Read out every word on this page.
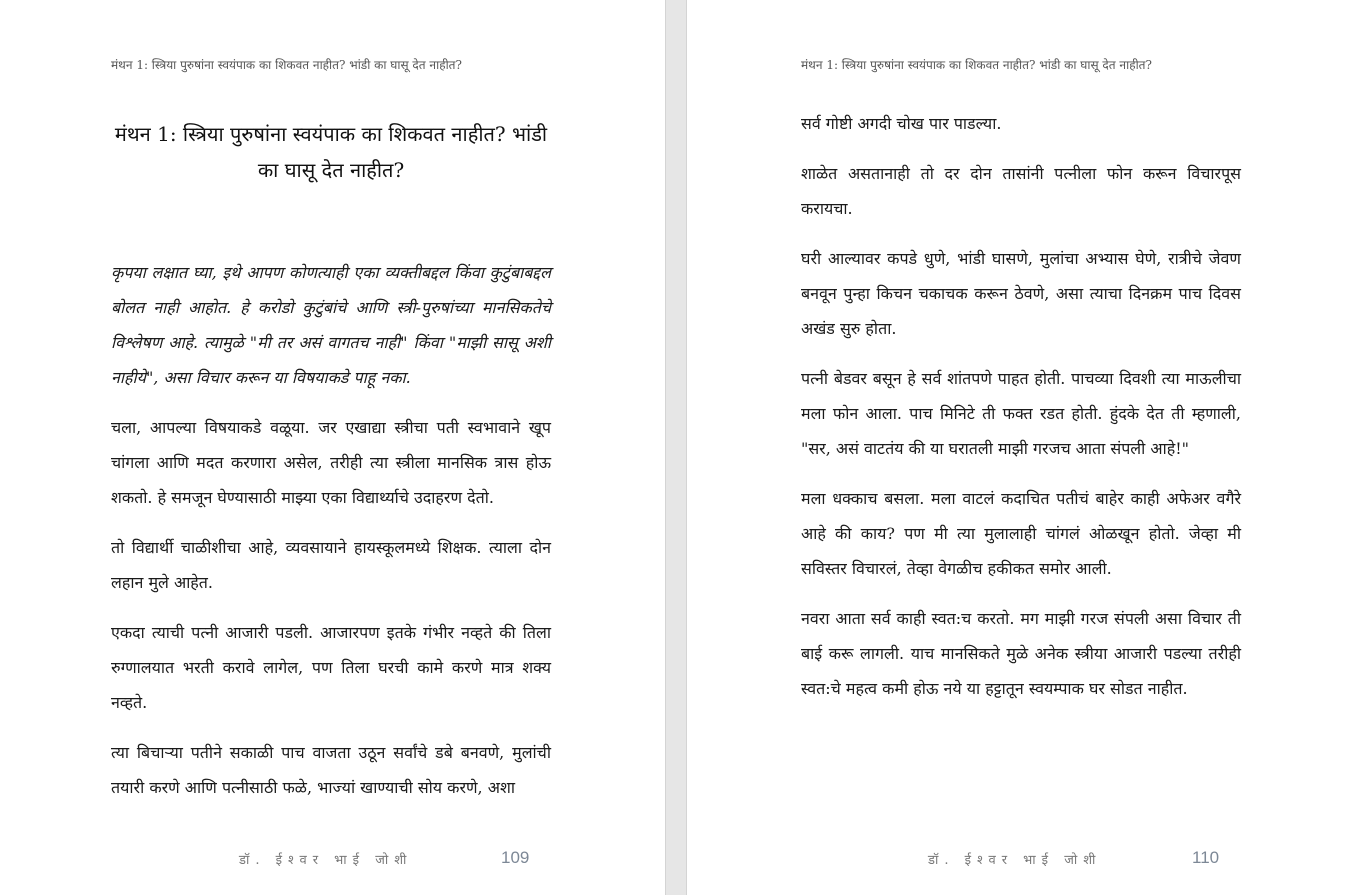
मंथन 1: स्त्रिया पुरुषांना स्वयंपाक का शिकवत नाहीत? भांडी का घासू देत नाहीत?
मंथन 1: स्त्रिया पुरुषांना स्वयंपाक का शिकवत नाहीत? भांडी का घासू देत नाहीत?

कृपया लक्षात घ्या, इथे आपण कोणत्याही एका व्यक्तीबद्दल किंवा कुटुंबाबद्दल बोलत नाही आहोत. हे करोडो कुटुंबांचे आणि स्त्री-पुरुषांच्या मानसिकतेचे विश्लेषण आहे. त्यामुळे "मी तर असं वागतच नाही" किंवा "माझी सासू अशी नाहीये", असा विचार करून या विषयाकडे पाहू नका.

चला, आपल्या विषयाकडे वळूया. जर एखाद्या स्त्रीचा पती स्वभावाने खूप चांगला आणि मदत करणारा असेल, तरीही त्या स्त्रीला मानसिक त्रास होऊ शकतो. हे समजून घेण्यासाठी माझ्या एका विद्यार्थ्याचे उदाहरण देतो.

तो विद्यार्थी चाळीशीचा आहे, व्यवसायाने हायस्कूलमध्ये शिक्षक. त्याला दोन लहान मुले आहेत.

एकदा त्याची पत्नी आजारी पडली. आजारपण इतके गंभीर नव्हते की तिला रुग्णालयात भरती करावे लागेल, पण तिला घरची कामे करणे मात्र शक्य नव्हते.

त्या बिचाऱ्या पतीने सकाळी पाच वाजता उठून सर्वांचे डबे बनवणे, मुलांची तयारी करणे आणि पत्नीसाठी फळे, भाज्यां खाण्याची सोय करणे, अशा

डॉ. ईश्वर भाई जोशी	109
मंथन 1: स्त्रिया पुरुषांना स्वयंपाक का शिकवत नाहीत? भांडी का घासू देत नाहीत?

सर्व गोष्टी अगदी चोख पार पाडल्या.

शाळेत असतानाही तो दर दोन तासांनी पत्नीला फोन करून विचारपूस करायचा.

घरी आल्यावर कपडे धुणे, भांडी घासणे, मुलांचा अभ्यास घेणे, रात्रीचे जेवण बनवून पुन्हा किचन चकाचक करून ठेवणे, असा त्याचा दिनक्रम पाच दिवस अखंड सुरु होता.

पत्नी बेडवर बसून हे सर्व शांतपणे पाहत होती. पाचव्या दिवशी त्या माऊलीचा मला फोन आला. पाच मिनिटे ती फक्त रडत होती. हुंदके देत ती म्हणाली, "सर, असं वाटतंय की या घरातली माझी गरजच आता संपली आहे!"

मला धक्काच बसला. मला वाटलं कदाचित पतीचं बाहेर काही अफेअर वगैरे आहे की काय? पण मी त्या मुलालाही चांगलं ओळखून होतो. जेव्हा मी सविस्तर विचारलं, तेव्हा वेगळीच हकीकत समोर आली.

नवरा आता सर्व काही स्वत:च करतो. मग माझी गरज संपली असा विचार ती बाई करू लागली. याच मानसिकते मुळे अनेक स्त्रीया आजारी पडल्या तरीही स्वत:चे महत्व कमी होऊ नये या हट्टातून स्वयम्पाक घर सोडत नाहीत.

डॉ. ईश्वर भाई जोशी	110
